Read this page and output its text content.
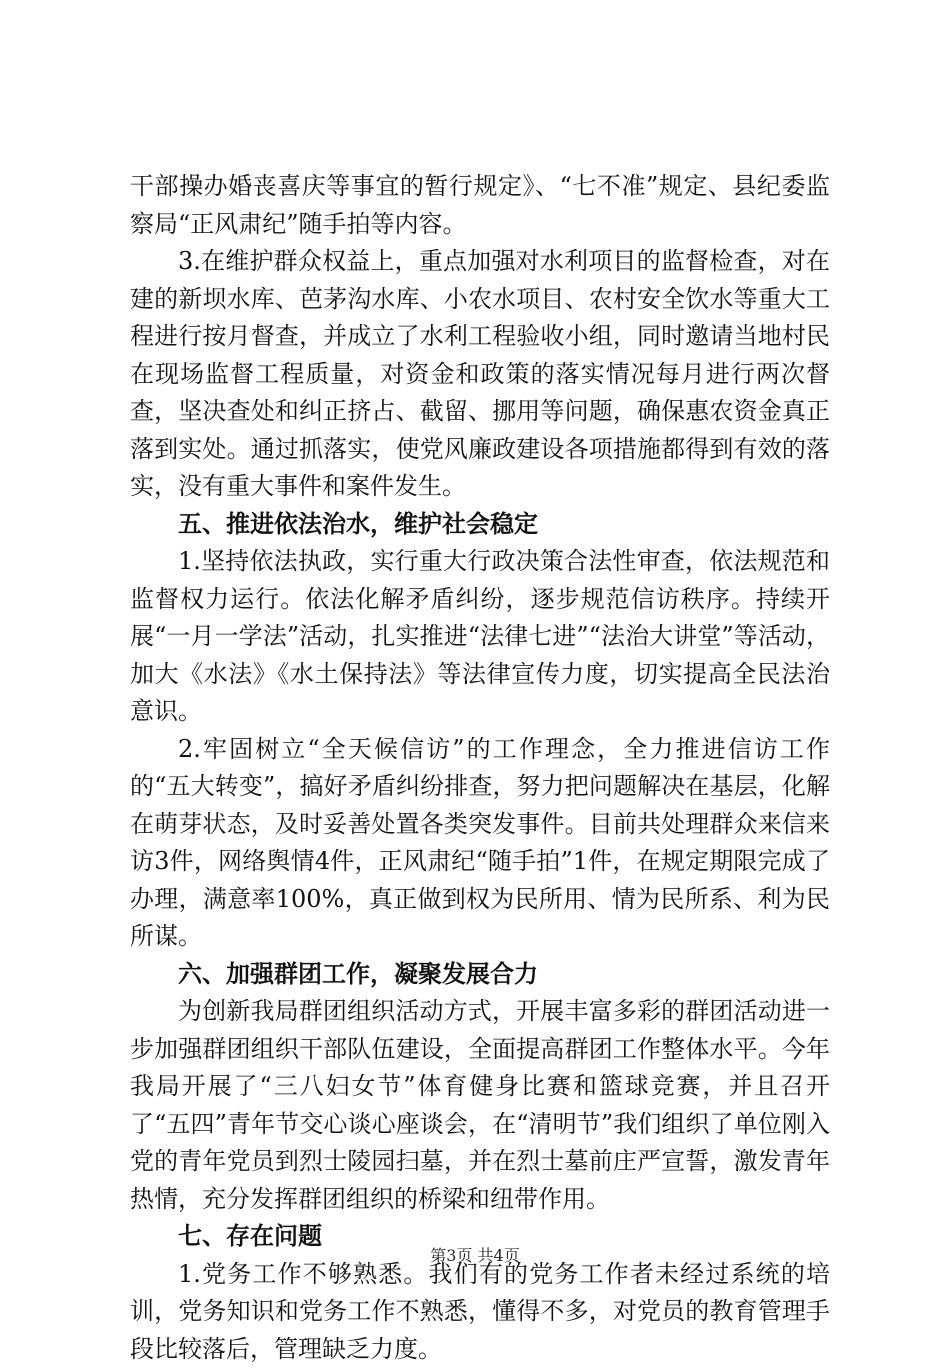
干部操办婚丧喜庆等事宜的暂行规定》、“七不准”规定、县纪委监察局“正风肃纪”随手拍等内容。

3.在维护群众权益上，重点加强对水利项目的监督检查，对在建的新坝水库、芭茅沟水库、小农水项目、农村安全饮水等重大工程进行按月督查，并成立了水利工程验收小组，同时邀请当地村民在现场监督工程质量，对资金和政策的落实情况每月进行两次督查，坚决查处和纠正挤占、截留、挪用等问题，确保惠农资金真正落到实处。通过抓落实，使党风廉政建设各项措施都得到有效的落实，没有重大事件和案件发生。

五、推进依法治水，维护社会稳定

1.坚持依法执政，实行重大行政决策合法性审查，依法规范和监督权力运行。依法化解矛盾纠纷，逐步规范信访秩序。持续开展“一月一学法”活动，扎实推进“法律七进”“法治大讲堂”等活动，加大《水法》《水土保持法》等法律宣传力度，切实提高全民法治意识。

2.牢固树立“全天候信访”的工作理念，全力推进信访工作的“五大转变”，搞好矛盾纠纷排查，努力把问题解决在基层，化解在萌芽状态，及时妥善处置各类突发事件。目前共处理群众来信来访3件，网络舆情4件，正风肃纪“随手拍”1件，在规定期限完成了办理，满意率100%，真正做到权为民所用、情为民所系、利为民所谋。

六、加强群团工作，凝聚发展合力

为创新我局群团组织活动方式，开展丰富多彩的群团活动进一步加强群团组织干部队伍建设，全面提高群团工作整体水平。今年我局开展了“三八妇女节”体育健身比赛和篮球竞赛，并且召开了“五四”青年节交心谈心座谈会，在“清明节”我们组织了单位刚入党的青年党员到烈士陵园扫墓，并在烈士墓前庄严宣誓，激发青年热情，充分发挥群团组织的桥梁和纽带作用。

七、存在问题

1.党务工作不够熟悉。我们有的党务工作者未经过系统的培训，党务知识和党务工作不熟悉，懂得不多，对党员的教育管理手段比较落后，管理缺乏力度。

第3页 共4页
